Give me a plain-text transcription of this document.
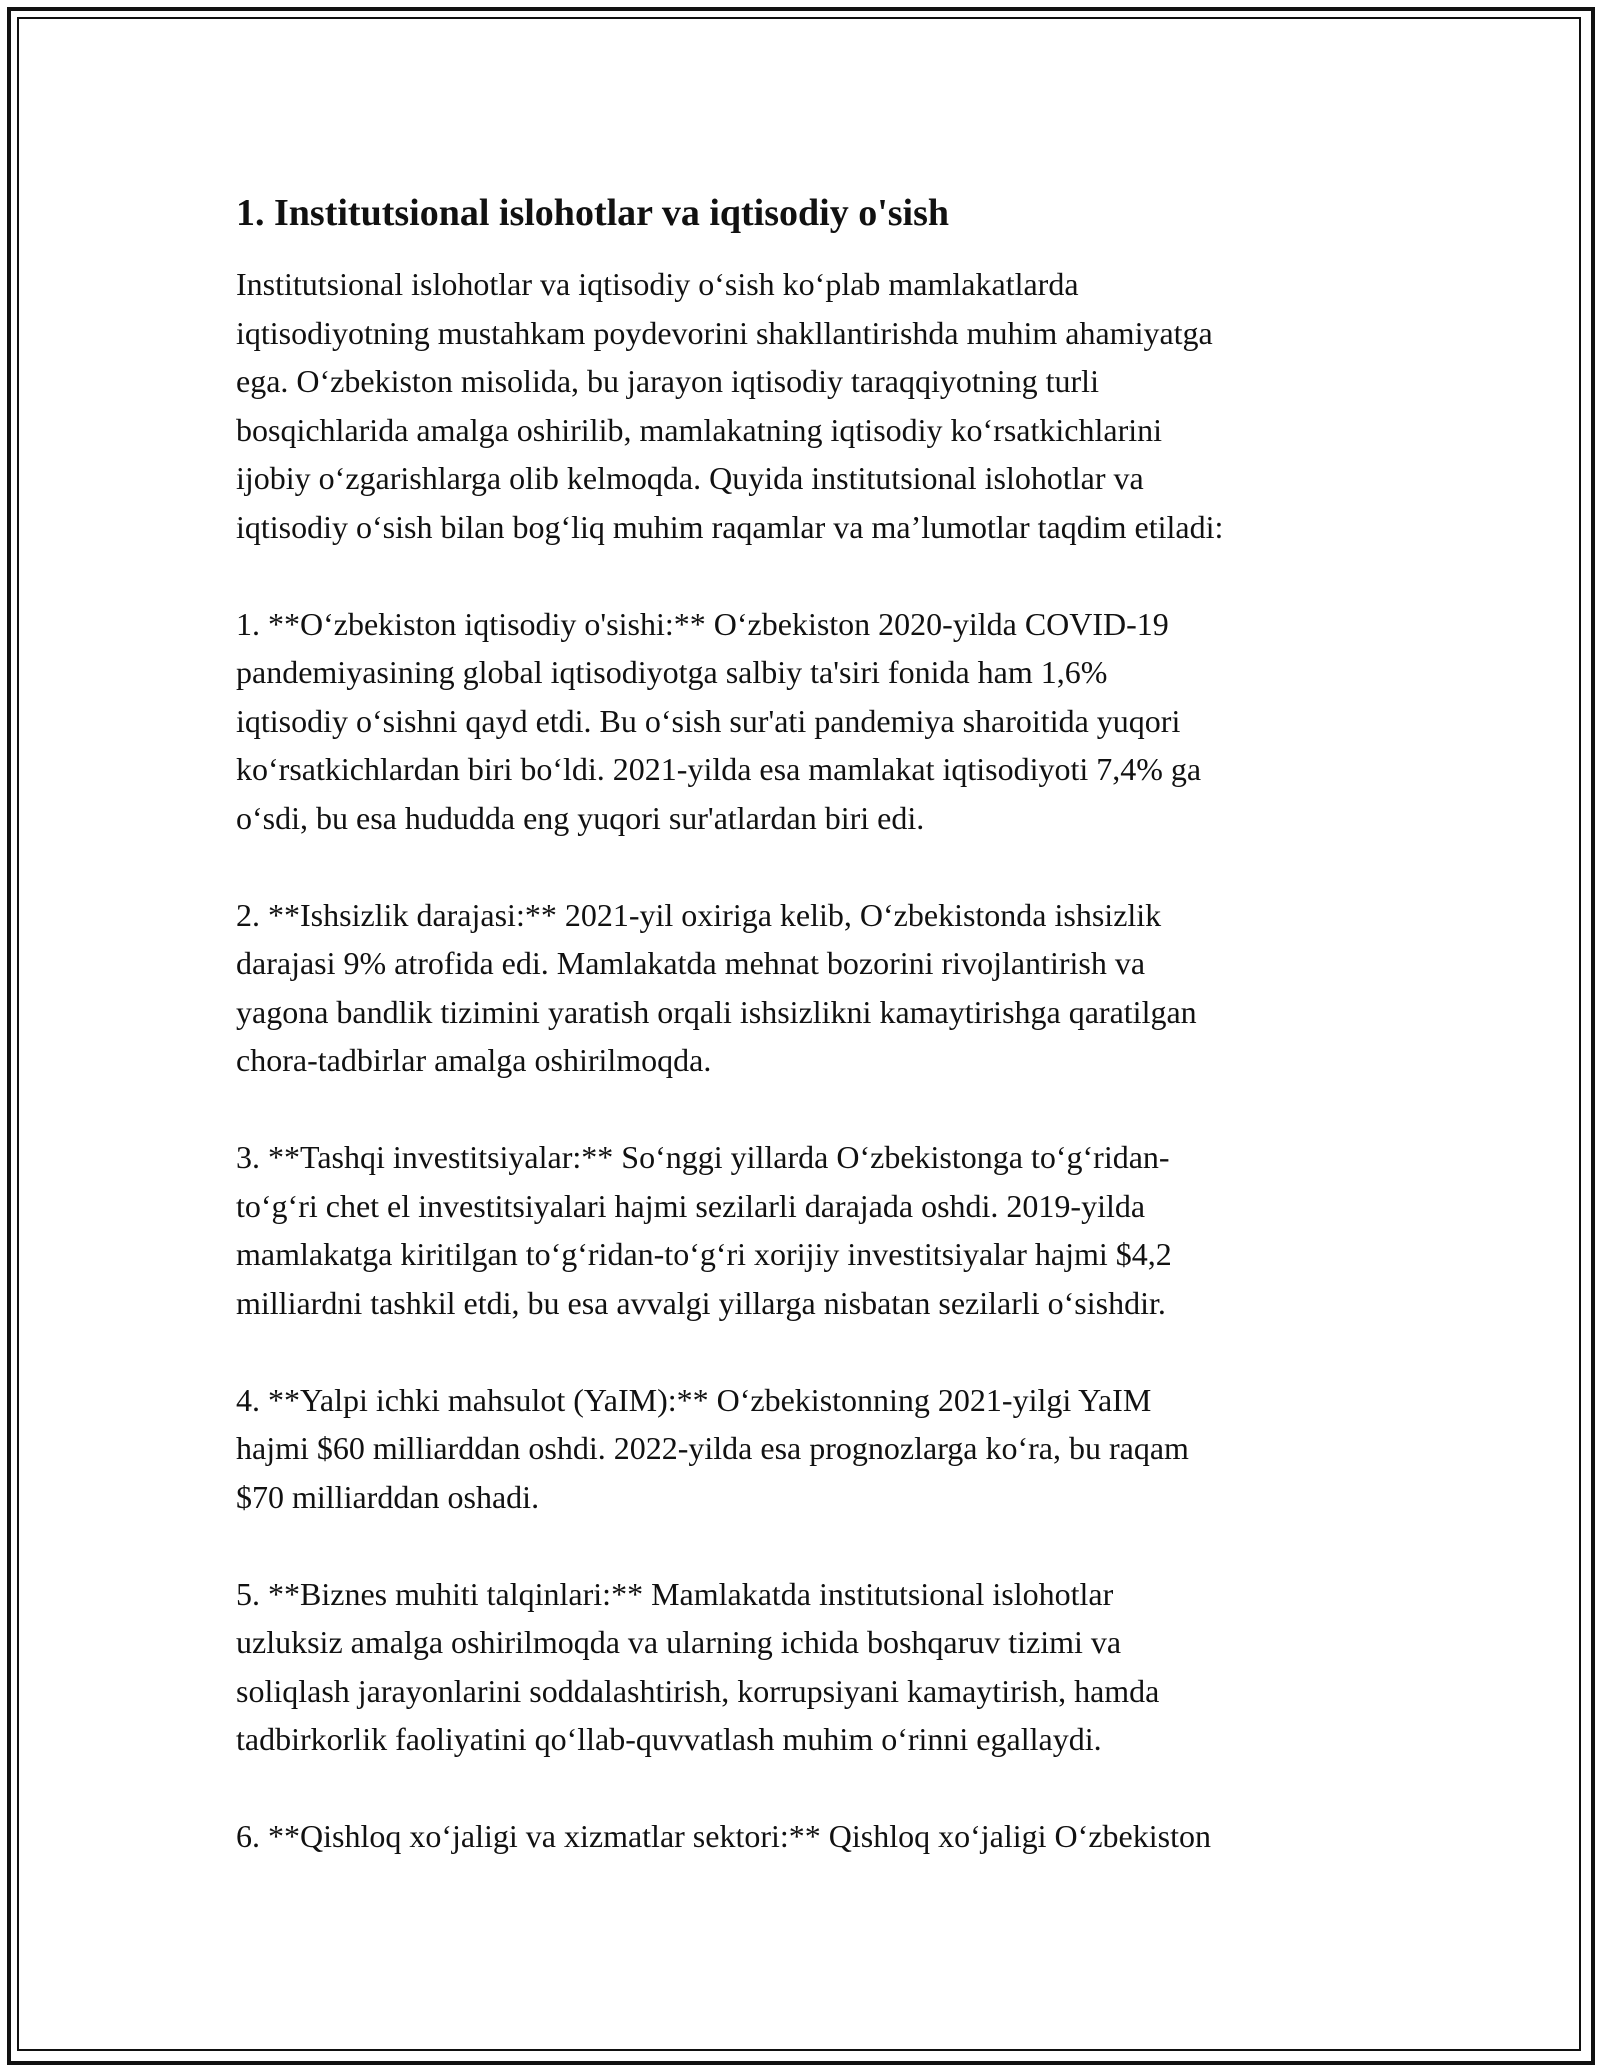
1. Institutsional islohotlar va iqtisodiy o'sish

Institutsional islohotlar va iqtisodiy oʻsish koʻplab mamlakatlarda
iqtisodiyotning mustahkam poydevorini shakllantirishda muhim ahamiyatga
ega. Oʻzbekiston misolida, bu jarayon iqtisodiy taraqqiyotning turli
bosqichlarida amalga oshirilib, mamlakatning iqtisodiy koʻrsatkichlarini
ijobiy oʻzgarishlarga olib kelmoqda. Quyida institutsional islohotlar va
iqtisodiy oʻsish bilan bogʻliq muhim raqamlar va maʼlumotlar taqdim etiladi:

1. **Oʻzbekiston iqtisodiy o'sishi:** Oʻzbekiston 2020-yilda COVID-19
pandemiyasining global iqtisodiyotga salbiy ta'siri fonida ham 1,6%
iqtisodiy oʻsishni qayd etdi. Bu oʻsish sur'ati pandemiya sharoitida yuqori
koʻrsatkichlardan biri boʻldi. 2021-yilda esa mamlakat iqtisodiyoti 7,4% ga
oʻsdi, bu esa hududda eng yuqori sur'atlardan biri edi.

2. **Ishsizlik darajasi:** 2021-yil oxiriga kelib, Oʻzbekistonda ishsizlik
darajasi 9% atrofida edi. Mamlakatda mehnat bozorini rivojlantirish va
yagona bandlik tizimini yaratish orqali ishsizlikni kamaytirishga qaratilgan
chora-tadbirlar amalga oshirilmoqda.

3. **Tashqi investitsiyalar:** Soʻnggi yillarda Oʻzbekistonga toʻgʻridan-
toʻgʻri chet el investitsiyalari hajmi sezilarli darajada oshdi. 2019-yilda
mamlakatga kiritilgan toʻgʻridan-toʻgʻri xorijiy investitsiyalar hajmi $4,2
milliardni tashkil etdi, bu esa avvalgi yillarga nisbatan sezilarli oʻsishdir.

4. **Yalpi ichki mahsulot (YaIM):** Oʻzbekistonning 2021-yilgi YaIM
hajmi $60 milliarddan oshdi. 2022-yilda esa prognozlarga koʻra, bu raqam
$70 milliarddan oshadi.

5. **Biznes muhiti talqinlari:** Mamlakatda institutsional islohotlar
uzluksiz amalga oshirilmoqda va ularning ichida boshqaruv tizimi va
soliqlash jarayonlarini soddalashtirish, korrupsiyani kamaytirish, hamda
tadbirkorlik faoliyatini qoʻllab-quvvatlash muhim oʻrinni egallaydi.

6. **Qishloq xoʻjaligi va xizmatlar sektori:** Qishloq xoʻjaligi Oʻzbekiston
